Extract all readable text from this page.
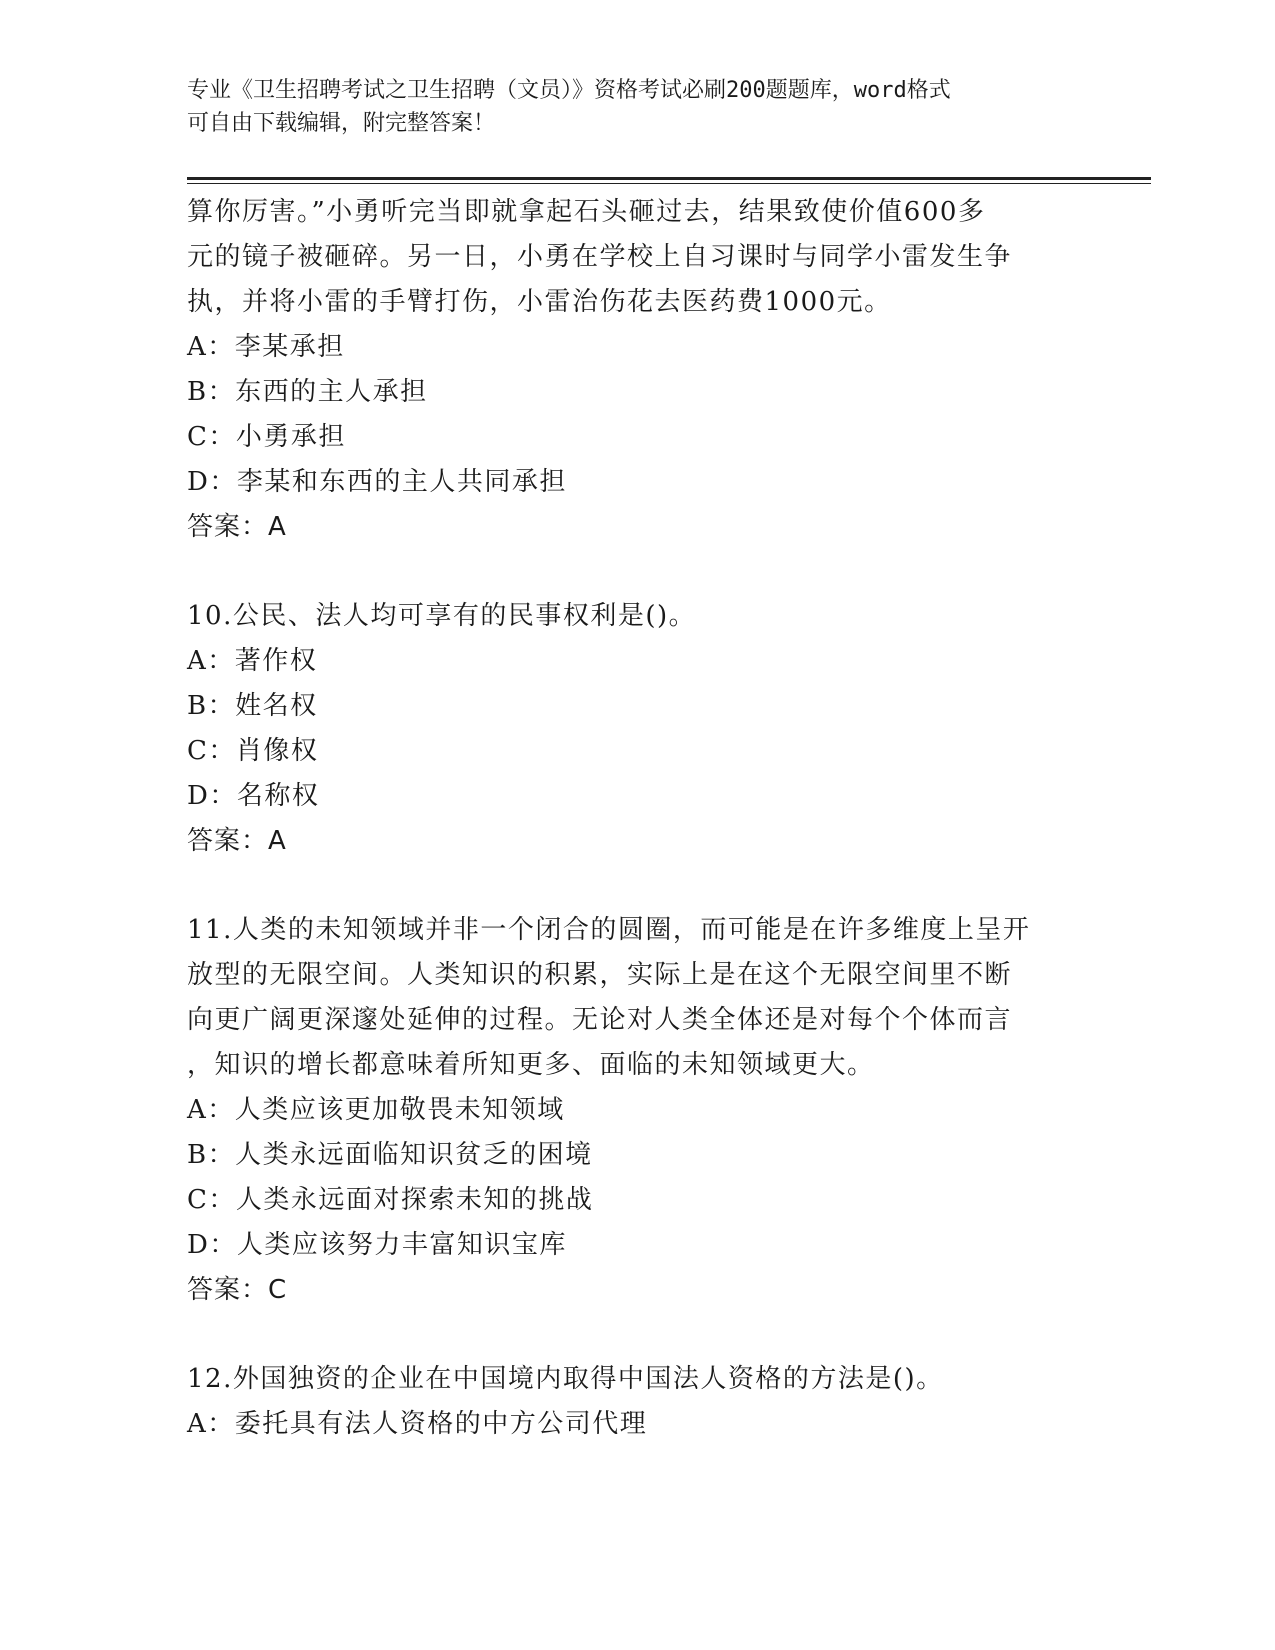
专业《卫生招聘考试之卫生招聘（文员）》资格考试必刷200题题库，word格式
可自由下载编辑，附完整答案！
算你厉害。”小勇听完当即就拿起石头砸过去，结果致使价值600多
元的镜子被砸碎。另一日，小勇在学校上自习课时与同学小雷发生争
执，并将小雷的手臂打伤，小雷治伤花去医药费1000元。
A：李某承担
B：东西的主人承担
C：小勇承担
D：李某和东西的主人共同承担
答案：A
10.公民、法人均可享有的民事权利是()。
A：著作权
B：姓名权
C：肖像权
D：名称权
答案：A
11.人类的未知领域并非一个闭合的圆圈，而可能是在许多维度上呈开
放型的无限空间。人类知识的积累，实际上是在这个无限空间里不断
向更广阔更深邃处延伸的过程。无论对人类全体还是对每个个体而言
，知识的增长都意味着所知更多、面临的未知领域更大。
A：人类应该更加敬畏未知领域
B：人类永远面临知识贫乏的困境
C：人类永远面对探索未知的挑战
D：人类应该努力丰富知识宝库
答案：C
12.外国独资的企业在中国境内取得中国法人资格的方法是()。
A：委托具有法人资格的中方公司代理
